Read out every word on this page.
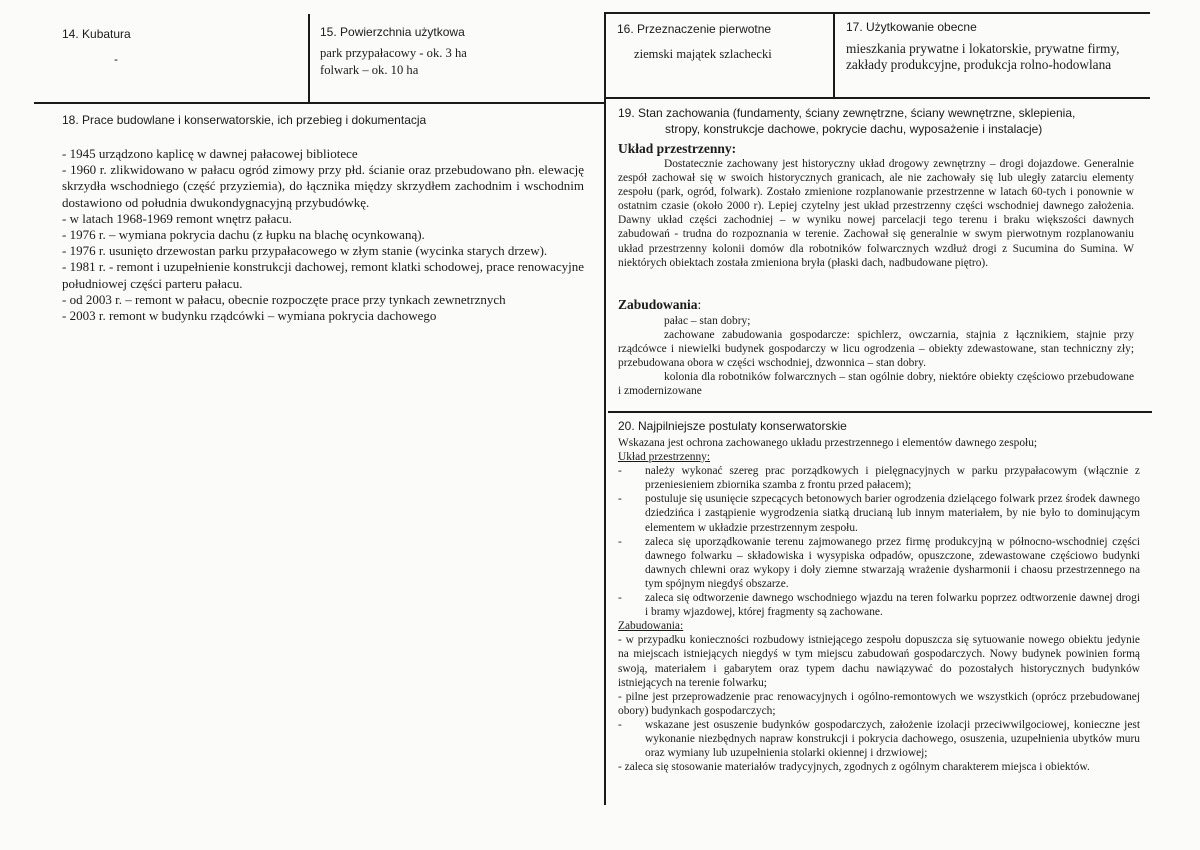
14. Kubatura
-
15. Powierzchnia użytkowa
park przypałacowy - ok. 3 ha
folwark – ok. 10 ha
16. Przeznaczenie pierwotne
ziemski majątek szlachecki
17. Użytkowanie obecne
mieszkania prywatne i lokatorskie, prywatne firmy, zakłady produkcyjne, produkcja rolno-hodowlana
18. Prace budowlane i konserwatorskie, ich przebieg i dokumentacja

- 1945 urządzono kaplicę w dawnej pałacowej bibliotece

- 1960 r. zlikwidowano w pałacu ogród zimowy przy płd. ścianie oraz przebudowano płn. elewację skrzydła wschodniego (część przyziemia), do łącznika między skrzydłem zachodnim i wschodnim dostawiono od południa dwukondygnacyjną przybudówkę.

- w latach 1968-1969 remont wnętrz pałacu.

- 1976 r. – wymiana pokrycia dachu (z łupku na blachę ocynkowaną).

- 1976 r. usunięto drzewostan parku przypałacowego w złym stanie (wycinka starych drzew).

- 1981 r. - remont i uzupełnienie konstrukcji dachowej, remont klatki schodowej, prace renowacyjne południowej części parteru pałacu.

- od 2003 r. – remont w pałacu, obecnie rozpoczęte prace przy tynkach zewnetrznych

- 2003 r. remont w budynku rządcówki – wymiana pokrycia dachowego

19. Stan zachowania (fundamenty, ściany zewnętrzne, ściany wewnętrzne, sklepienia,
stropy, konstrukcje dachowe, pokrycie dachu, wyposażenie i instalacje)
Układ przestrzenny:
Dostatecznie zachowany jest historyczny układ drogowy zewnętrzny – drogi dojazdowe. Generalnie zespół zachował się w swoich historycznych granicach, ale nie zachowały się lub uległy zatarciu elementy zespołu (park, ogród, folwark). Zostało zmienione rozplanowanie przestrzenne w latach 60-tych i ponownie w ostatnim czasie (około 2000 r). Lepiej czytelny jest układ przestrzenny części wschodniej dawnego założenia. Dawny układ części zachodniej – w wyniku nowej parcelacji tego terenu i braku większości dawnych zabudowań - trudna do rozpoznania w terenie. Zachował się generalnie w swym pierwotnym rozplanowaniu układ przestrzenny kolonii domów dla robotników folwarcznych wzdłuż drogi z Sucumina do Sumina. W niektórych obiektach została zmieniona bryła (płaski dach, nadbudowane piętro).
Zabudowania:

pałac – stan dobry;

zachowane zabudowania gospodarcze: spichlerz, owczarnia, stajnia z łącznikiem, stajnie przy rządcówce i niewielki budynek gospodarczy w licu ogrodzenia – obiekty zdewastowane, stan techniczny zły; przebudowana obora w części wschodniej, dzwonnica – stan dobry.

kolonia dla robotników folwarcznych – stan ogólnie dobry, niektóre obiekty częściowo przebudowane i zmodernizowane

20. Najpilniejsze postulaty konserwatorskie

Wskazana jest ochrona zachowanego układu przestrzennego i elementów dawnego zespołu;

Układ przestrzenny:

- należy wykonać szereg prac porządkowych i pielęgnacyjnych w parku przypałacowym (włącznie z przeniesieniem zbiornika szamba z frontu przed pałacem);
- postuluje się usunięcie szpecących betonowych barier ogrodzenia dzielącego folwark przez środek dawnego dziedzińca i zastąpienie wygrodzenia siatką drucianą lub innym materiałem, by nie było to dominującym elementem w układzie przestrzennym zespołu.
- zaleca się uporządkowanie terenu zajmowanego przez firmę produkcyjną w północno-wschodniej części dawnego folwarku – składowiska i wysypiska odpadów, opuszczone, zdewastowane częściowo budynki dawnych chlewni oraz wykopy i doły ziemne stwarzają wrażenie dysharmonii i chaosu przestrzennego na tym spójnym niegdyś obszarze.
- zaleca się odtworzenie dawnego wschodniego wjazdu na teren folwarku poprzez odtworzenie dawnej drogi i bramy wjazdowej, której fragmenty są zachowane.

Zabudowania:

- w przypadku konieczności rozbudowy istniejącego zespołu dopuszcza się sytuowanie nowego obiektu jedynie na miejscach istniejących niegdyś w tym miejscu zabudowań gospodarczych. Nowy budynek powinien formą swoją, materiałem i gabarytem oraz typem dachu nawiązywać do pozostałych historycznych budynków istniejących na terenie folwarku;

- pilne jest przeprowadzenie prac renowacyjnych i ogólno-remontowych we wszystkich (oprócz przebudowanej obory) budynkach gospodarczych;

- wskazane jest osuszenie budynków gospodarczych, założenie izolacji przeciwwilgociowej, konieczne jest wykonanie niezbędnych napraw konstrukcji i pokrycia dachowego, osuszenia, uzupełnienia ubytków muru oraz wymiany lub uzupełnienia stolarki okiennej i drzwiowej;

- zaleca się stosowanie materiałów tradycyjnych, zgodnych z ogólnym charakterem miejsca i obiektów.
